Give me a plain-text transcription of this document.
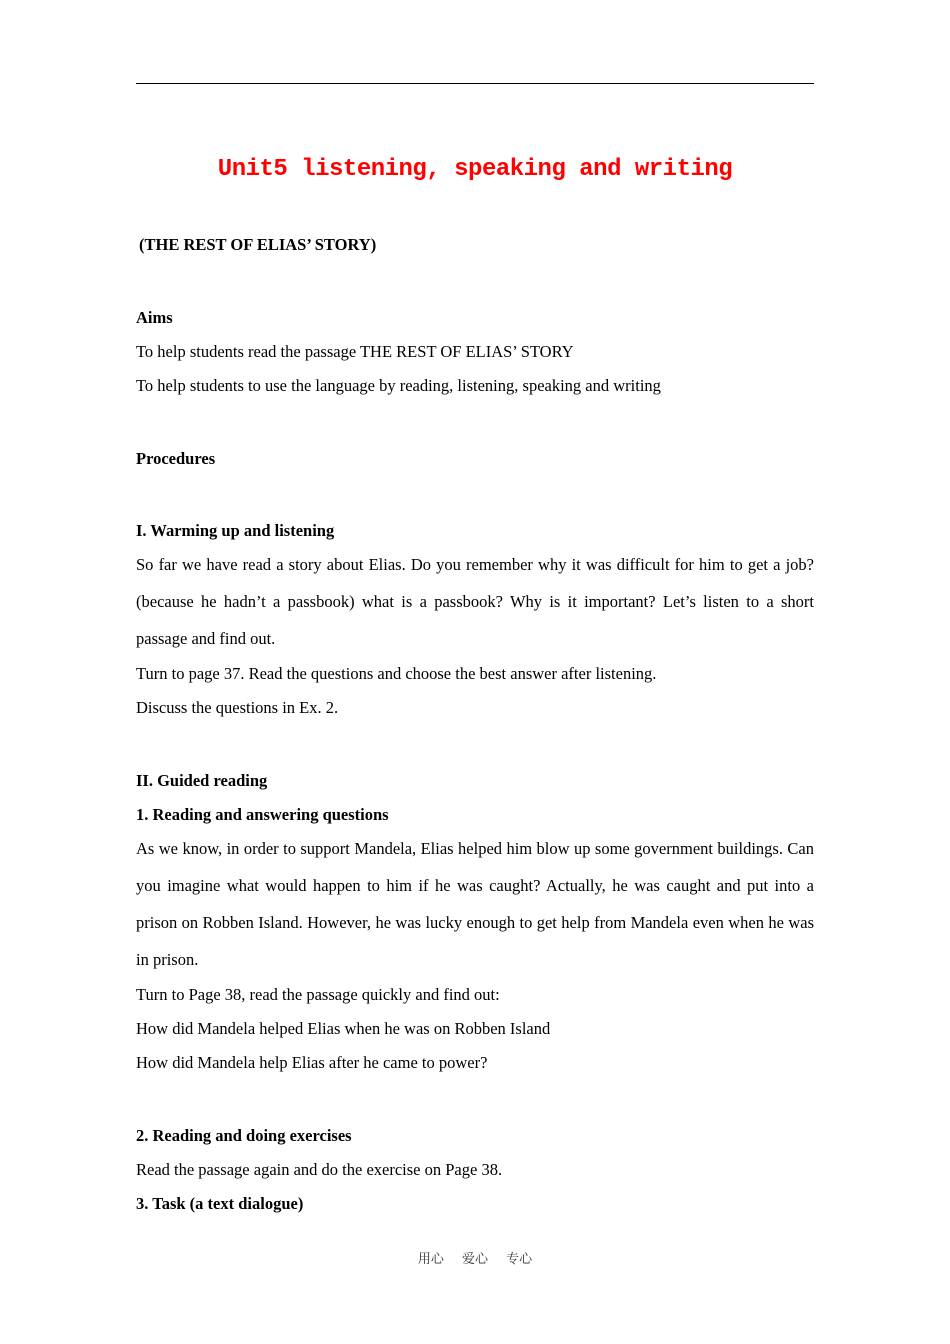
Unit5 listening, speaking and writing
(THE REST OF ELIAS’ STORY)
Aims
To help students read the passage THE REST OF ELIAS’ STORY
To help students to use the language by reading, listening, speaking and writing
Procedures
I. Warming up and listening
So far we have read a story about Elias. Do you remember why it was difficult for him to get a job? (because he hadn’t a passbook) what is a passbook? Why is it important? Let’s listen to a short passage and find out.
Turn to page 37. Read the questions and choose the best answer after listening.
Discuss the questions in Ex. 2.
II. Guided reading
1. Reading and answering questions
As we know, in order to support Mandela, Elias helped him blow up some government buildings. Can you imagine what would happen to him if he was caught? Actually, he was caught and put into a prison on Robben Island. However, he was lucky enough to get help from Mandela even when he was in prison.
Turn to Page 38, read the passage quickly and find out:
How did Mandela helped Elias when he was on Robben Island
How did Mandela help Elias after he came to power?
2. Reading and doing exercises
Read the passage again and do the exercise on Page 38.
3. Task (a text dialogue)
用心 爱心 专心
